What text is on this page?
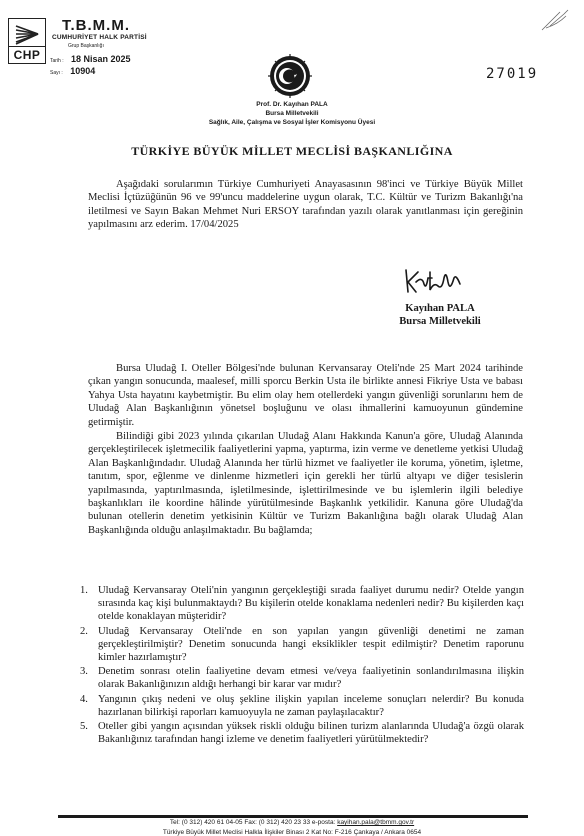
CHP
T.B.M.M.
CUMHURİYET HALK PARTİSİ
Grup Başkanlığı
Tarih : 18 Nisan 2025
Sayı : 10904	27019
Prof. Dr. Kayıhan PALA
Bursa Milletvekili
Sağlık, Aile, Çalışma ve Sosyal İşler Komisyonu Üyesi
TÜRKİYE BÜYÜK MİLLET MECLİSİ BAŞKANLIĞINA
Aşağıdaki sorularımın Türkiye Cumhuriyeti Anayasasının 98'inci ve Türkiye Büyük Millet Meclisi İçtüzüğünün 96 ve 99'uncu maddelerine uygun olarak, T.C. Kültür ve Turizm Bakanlığı'na iletilmesi ve Sayın Bakan Mehmet Nuri ERSOY tarafından yazılı olarak yanıtlanması için gereğinin yapılmasını arz ederim. 17/04/2025
Kayıhan PALA
Bursa Milletvekili
Bursa Uludağ I. Oteller Bölgesi'nde bulunan Kervansaray Oteli'nde 25 Mart 2024 tarihinde çıkan yangın sonucunda, maalesef, milli sporcu Berkin Usta ile birlikte annesi Fikriye Usta ve babası Yahya Usta hayatını kaybetmiştir. Bu elim olay hem otellerdeki yangın güvenliği sorunlarını hem de Uludağ Alan Başkanlığının yönetsel boşluğunu ve olası ihmallerini kamuoyunun gündemine getirmiştir.
Bilindiği gibi 2023 yılında çıkarılan Uludağ Alanı Hakkında Kanun'a göre, Uludağ Alanında gerçekleştirilecek işletmecilik faaliyetlerini yapma, yaptırma, izin verme ve denetleme yetkisi Uludağ Alan Başkanlığındadır. Uludağ Alanında her türlü hizmet ve faaliyetler ile koruma, yönetim, işletme, tanıtım, spor, eğlenme ve dinlenme hizmetleri için gerekli her türlü altyapı ve diğer tesislerin yapılmasında, yaptırılmasında, işletilmesinde, işlettirilmesinde ve bu işlemlerin ilgili belediye başkanlıkları ile koordine hâlinde yürütülmesinde Başkanlık yetkilidir. Kanuna göre Uludağ'da bulunan otellerin denetim yetkisinin Kültür ve Turizm Bakanlığına bağlı olarak Uludağ Alan Başkanlığında olduğu anlaşılmaktadır. Bu bağlamda;
1. Uludağ Kervansaray Oteli'nin yangının gerçekleştiği sırada faaliyet durumu nedir? Otelde yangın sırasında kaç kişi bulunmaktaydı? Bu kişilerin otelde konaklama nedenleri nedir? Bu kişilerden kaçı otelde konaklayan müşteridir?
2. Uludağ Kervansaray Oteli'nde en son yapılan yangın güvenliği denetimi ne zaman gerçekleştirilmiştir? Denetim sonucunda hangi eksiklikler tespit edilmiştir? Denetim raporunu kimler hazırlamıştır?
3. Denetim sonrası otelin faaliyetine devam etmesi ve/veya faaliyetinin sonlandırılmasına ilişkin olarak Bakanlığınızın aldığı herhangi bir karar var mıdır?
4. Yangının çıkış nedeni ve oluş şekline ilişkin yapılan inceleme sonuçları nelerdir? Bu konuda hazırlanan bilirkişi raporları kamuoyuyla ne zaman paylaşılacaktır?
5. Oteller gibi yangın açısından yüksek riskli olduğu bilinen turizm alanlarında Uludağ'a özgü olarak Bakanlığınız tarafından hangi izleme ve denetim faaliyetleri yürütülmektedir?
Tel: (0 312) 420 61 04-05 Fax: (0 312) 420 23 33 e-posta: kayihan.pala@tbmm.gov.tr
Türkiye Büyük Millet Meclisi Halkla İlişkiler Binası 2 Kat No: F-216 Çankaya / Ankara 0654
